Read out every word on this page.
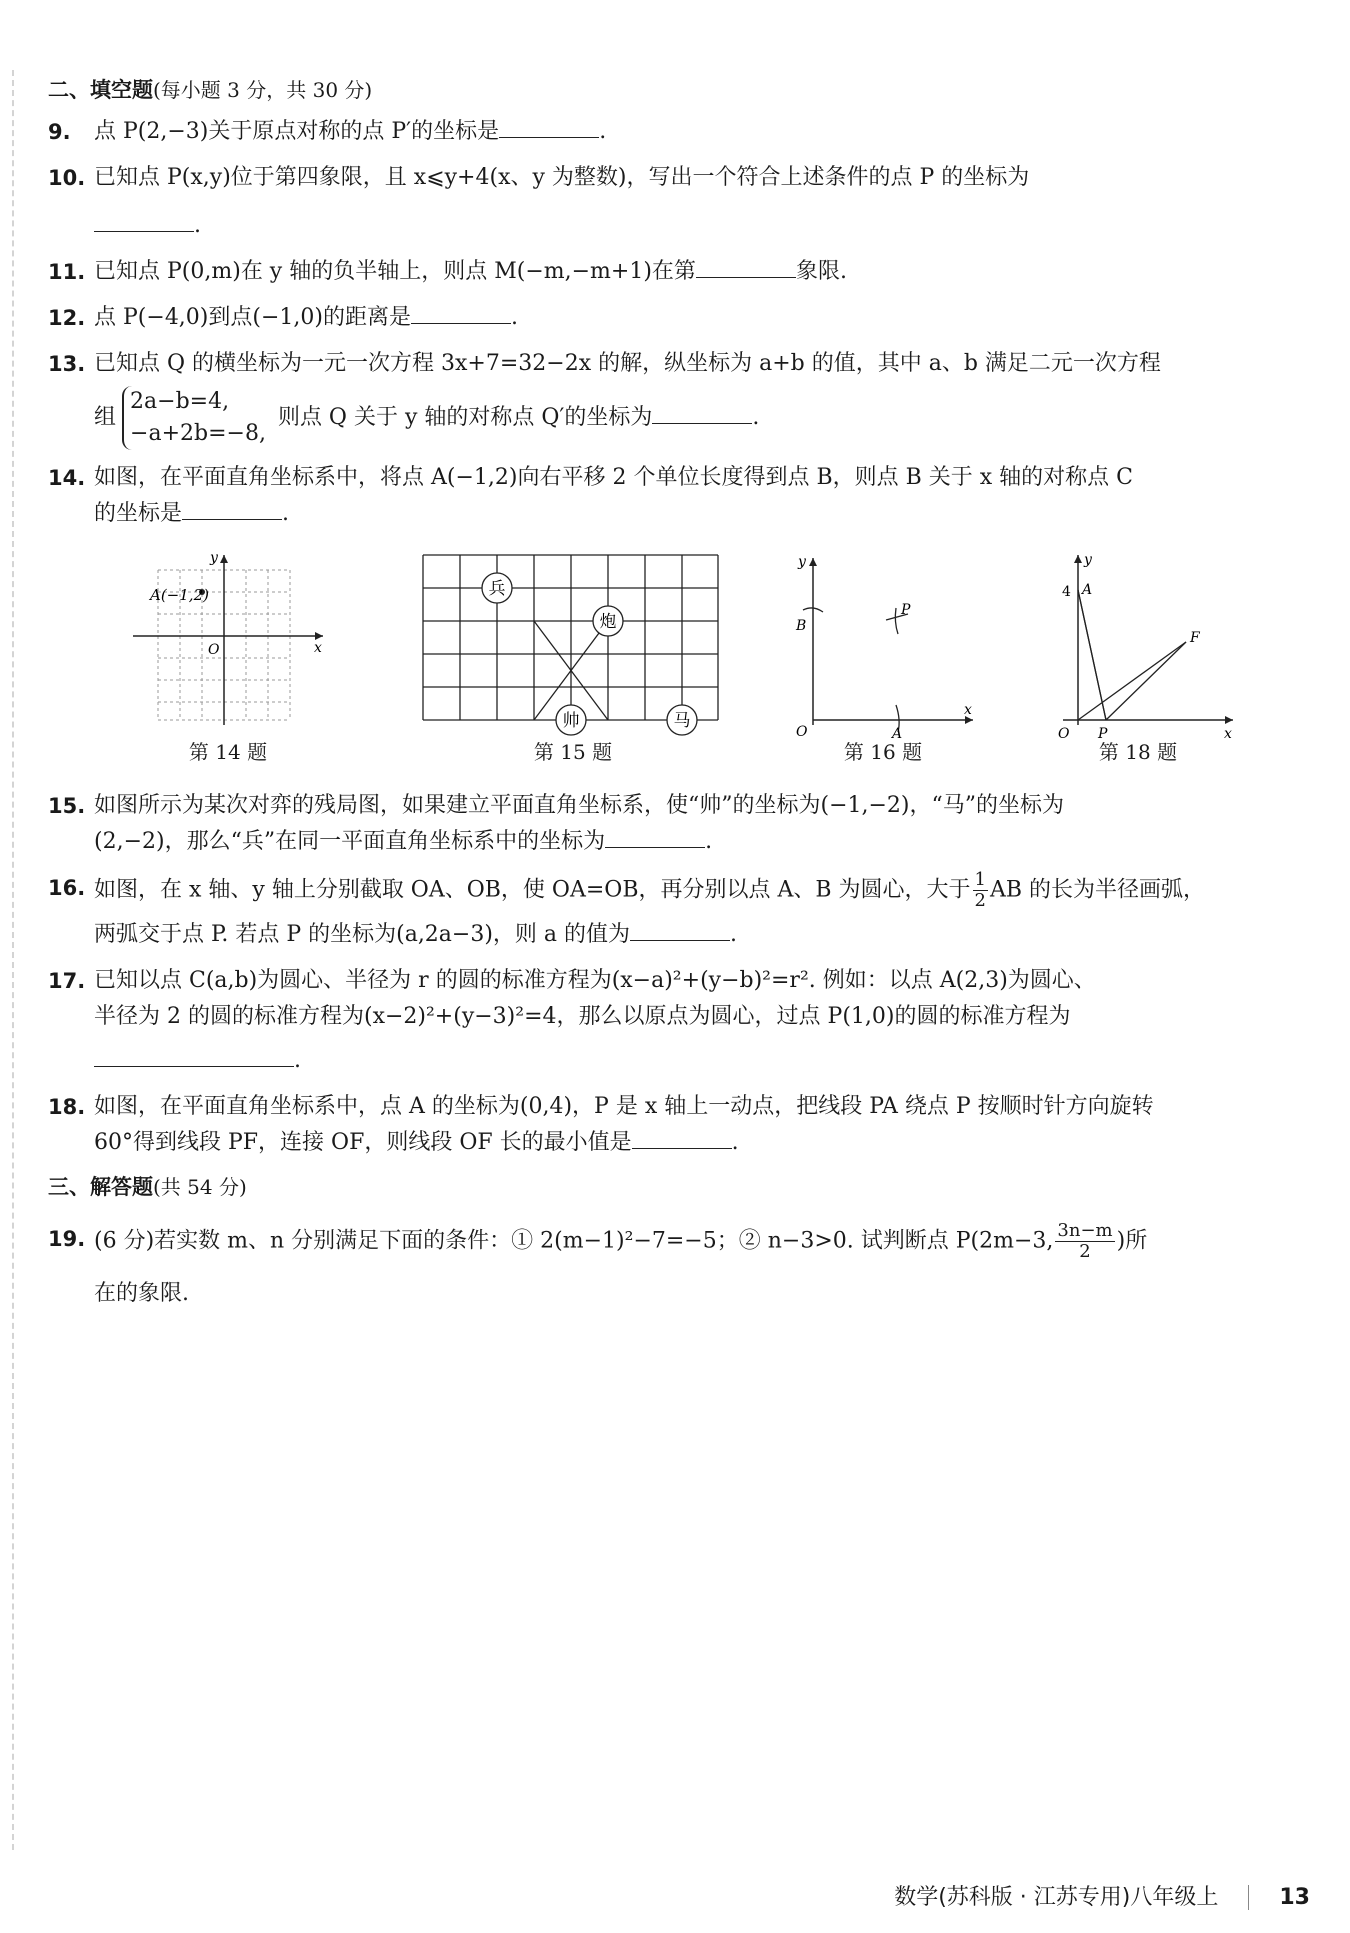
二、填空题(每小题 3 分，共 30 分)
9. 点 P(2,−3)关于原点对称的点 P′的坐标是	.
10. 已知点 P(x,y)位于第四象限，且 x⩽y+4(x、y 为整数)，写出一个符合上述条件的点 P 的坐标为
.
11. 已知点 P(0,m)在 y 轴的负半轴上，则点 M(−m,−m+1)在第	象限.
12. 点 P(−4,0)到点(−1,0)的距离是	.
13. 已知点 Q 的横坐标为一元一次方程 3x+7=32−2x 的解，纵坐标为 a+b 的值，其中 a、b 满足二元一次方程
组
2a−b=4,
−a+2b=−8,
则点 Q 关于 y 轴的对称点 Q′的坐标为	.
14. 如图，在平面直角坐标系中，将点 A(−1,2)向右平移 2 个单位长度得到点 B，则点 B 关于 x 轴的对称点 C
的坐标是	.
A(−1,2)
x
y
O
第 14 题
兵
炮
帅	马
第 15 题
y
x
O
B
A
P
第 16 题
y
x
O
4 A
F
P
第 18 题
15. 如图所示为某次对弈的残局图，如果建立平面直角坐标系，使“帅”的坐标为(−1,−2)，“马”的坐标为
(2,−2)，那么“兵”在同一平面直角坐标系中的坐标为	.
16. 如图，在 x 轴、y 轴上分别截取 OA、OB，使 OA=OB，再分别以点 A、B 为圆心，大于 $\frac{1}{2}$ AB 的长为半径画弧，
两弧交于点 P. 若点 P 的坐标为(a,2a−3)，则 a 的值为	.
17. 已知以点 C(a,b)为圆心、半径为 r 的圆的标准方程为(x−a)²+(y−b)²=r². 例如：以点 A(2,3)为圆心、
半径为 2 的圆的标准方程为(x−2)²+(y−3)²=4，那么以原点为圆心，过点 P(1,0)的圆的标准方程为
.
18. 如图，在平面直角坐标系中，点 A 的坐标为(0,4)，P 是 x 轴上一动点，把线段 PA 绕点 P 按顺时针方向旋转
60°得到线段 PF，连接 OF，则线段 OF 长的最小值是	.
三、解答题(共 54 分)
19. (6 分)若实数 m、n 分别满足下面的条件：① 2(m−1)²−7=−5；② n−3>0. 试判断点 P(2m−3, $\frac{3n-m}{2}$ )所
在的象限.
数学(苏科版 · 江苏专用)八年级上	13
